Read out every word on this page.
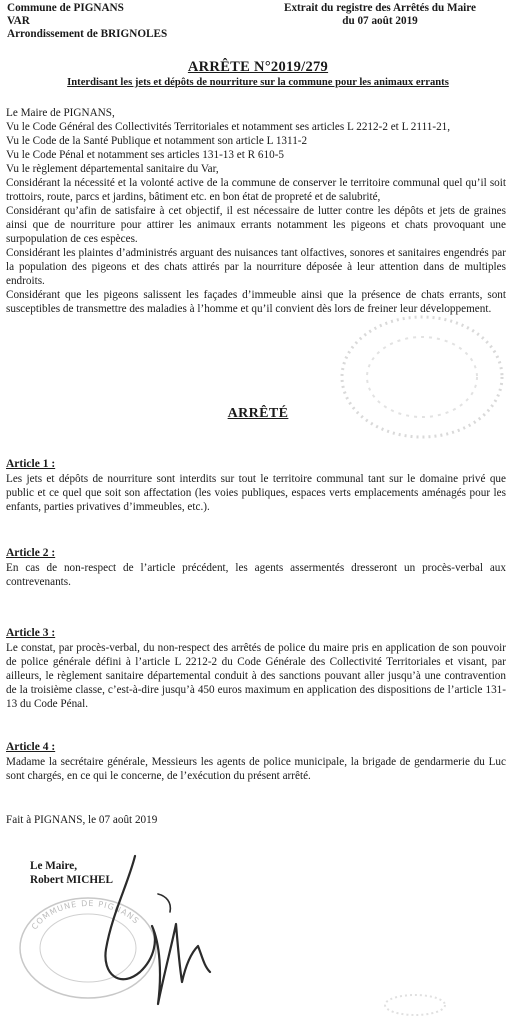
Commune de PIGNANS
VAR
Arrondissement de BRIGNOLES
Extrait du registre des Arrêtés du Maire
du 07 août 2019
ARRÊTE N°2019/279
Interdisant les jets et dépôts de nourriture sur la commune pour les animaux errants
Le Maire de PIGNANS,
Vu le Code Général des Collectivités Territoriales et notamment ses articles L 2212-2 et L 2111-21,
Vu le Code de la Santé Publique et notamment son article L 1311-2
Vu le Code Pénal et notamment ses articles 131-13 et R 610-5
Vu le règlement départemental sanitaire du Var,
Considérant la nécessité et la volonté active de la commune de conserver le territoire communal quel qu’il soit trottoirs, route, parcs et jardins, bâtiment etc. en bon état de propreté et de salubrité,
Considérant qu’afin de satisfaire à cet objectif, il est nécessaire de lutter contre les dépôts et jets de graines ainsi que de nourriture pour attirer les animaux errants notamment les pigeons et chats provoquant une surpopulation de ces espèces.
Considérant les plaintes d’administrés arguant des nuisances tant olfactives, sonores et sanitaires engendrés par la population des pigeons et des chats attirés par la nourriture déposée à leur attention dans de multiples endroits.
Considérant que les pigeons salissent les façades d’immeuble ainsi que la présence de chats errants, sont susceptibles de transmettre des maladies à l’homme et qu’il convient dès lors de freiner leur développement.
ARRÊTÉ
Article 1 :
Les jets et dépôts de nourriture sont interdits sur tout le territoire communal tant sur le domaine privé que public et ce quel que soit son affectation (les voies publiques, espaces verts emplacements aménagés pour les enfants, parties privatives d’immeubles, etc.).
Article 2 :
En cas de non-respect de l’article précédent, les agents assermentés dresseront un procès-verbal aux contrevenants.
Article 3 :
Le constat, par procès-verbal, du non-respect des arrêtés de police du maire pris en application de son pouvoir de police générale défini à l’article L 2212-2 du Code Générale des Collectivité Territoriales et visant, par ailleurs, le règlement sanitaire départemental conduit à des sanctions pouvant aller jusqu’à une contravention de la troisième classe, c’est-à-dire jusqu’à 450 euros maximum en application des dispositions de l’article 131-13 du Code Pénal.
Article 4 :
Madame la secrétaire générale, Messieurs les agents de police municipale, la brigade de gendarmerie du Luc sont chargés, en ce qui le concerne, de l’exécution du présent arrêté.
Fait à PIGNANS, le 07 août 2019
Le Maire,
Robert MICHEL
COMMUNE DE PIGNANS
